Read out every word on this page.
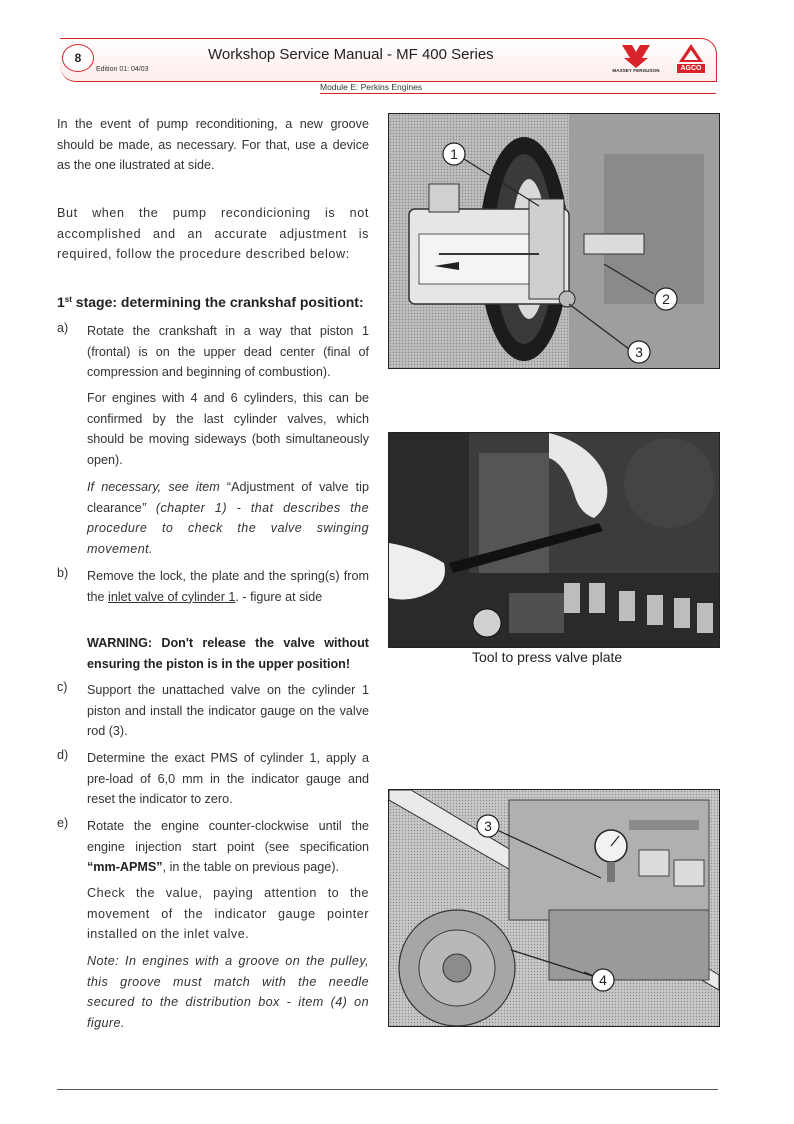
8	Workshop Service Manual - MF 400 Series
Edition 01: 04/03	MASSEY FERGUSON	AGCO
Module E: Perkins Engines
In the event of pump reconditioning, a new groove should be made, as necessary. For that, use a device as the one ilustrated at side.
But when the pump recondicioning is not accomplished and an accurate adjustment is required, follow the procedure described below:
1st stage: determining the crankshaf positiont:
a) Rotate the crankshaft in a way that piston 1 (frontal) is on the upper dead center (final of compression and beginning of combustion).
For engines with 4 and 6 cylinders, this can be confirmed by the last cylinder valves, which should be moving sideways (both simultaneously open).
If necessary, see item “Adjustment of valve tip clearance” (chapter 1) - that describes the procedure to check the valve swinging movement.
b) Remove the lock, the plate and the spring(s) from the inlet valve of cylinder 1. - figure at side
WARNING: Don't release the valve without ensuring the piston is in the upper position!
c) Support the unattached valve on the cylinder 1 piston and install the indicator gauge on the valve rod (3).
d) Determine the exact PMS of cylinder 1, apply a pre-load of 6,0 mm in the indicator gauge and reset the indicator to zero.
e) Rotate the engine counter-clockwise until the engine injection start point (see specification “mm-APMS”, in the table on previous page).
Check the value, paying attention to the movement of the indicator gauge pointer installed on the inlet valve.
Note: In engines with a groove on the pulley, this groove must match with the needle secured to the distribution box - item (4) on figure.
1
2
3
Tool to press valve plate
3
4
